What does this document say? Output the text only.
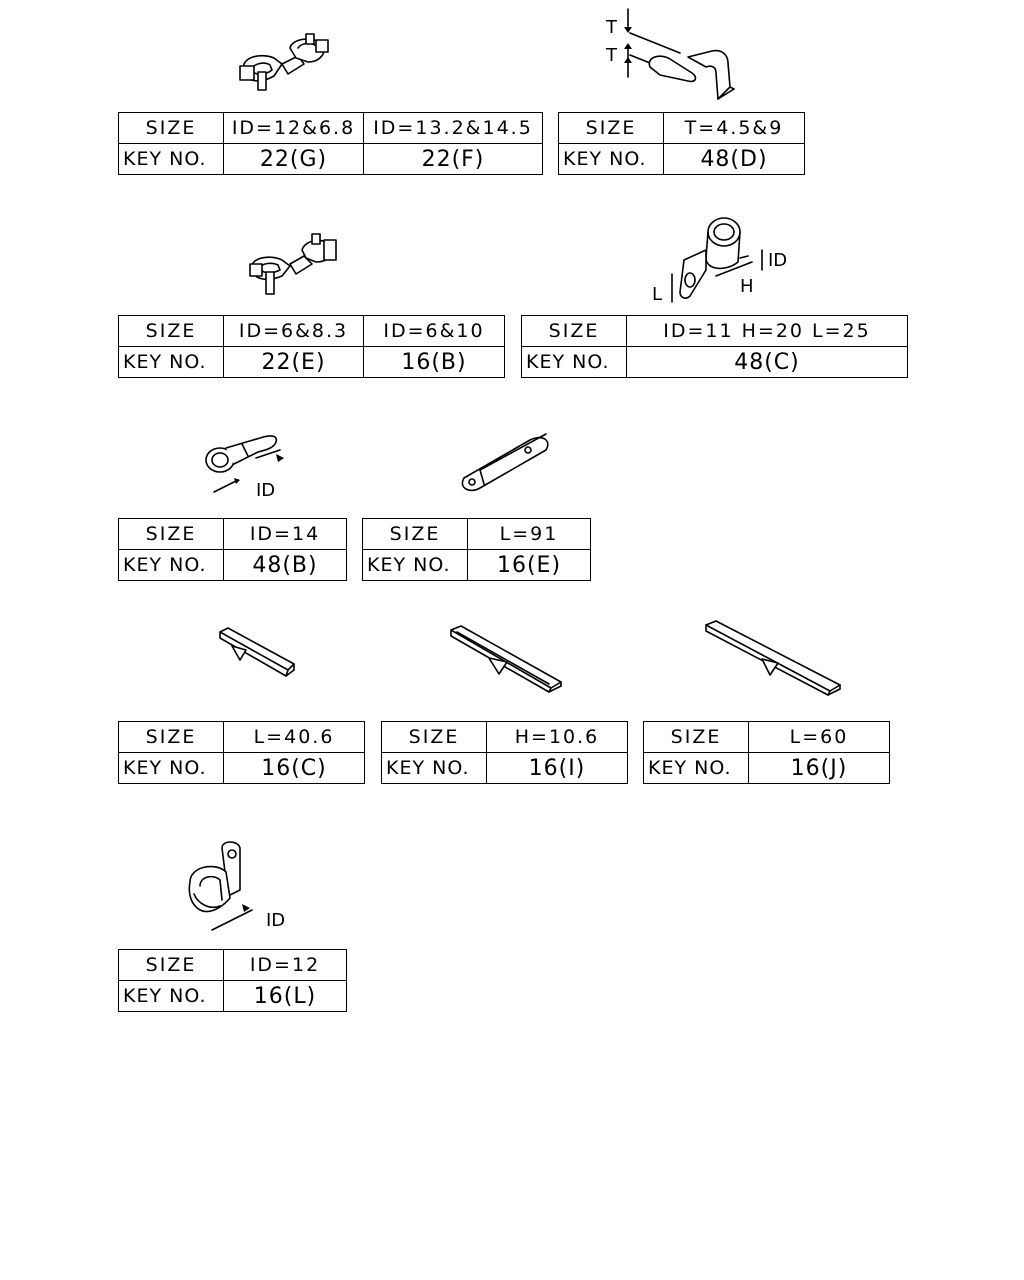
T
T
ID
H
L
ID
ID
SIZE	ID=12&6.8	ID=13.2&14.5
KEY NO.	22(G)	22(F)
SIZE	T=4.5&9
KEY NO.	48(D)
SIZE	ID=6&8.3	ID=6&10
KEY NO.	22(E)	16(B)
SIZE	ID=11 H=20 L=25
KEY NO.	48(C)
SIZE	ID=14
KEY NO.	48(B)
SIZE	L=91
KEY NO.	16(E)
SIZE	L=40.6
KEY NO.	16(C)
SIZE	H=10.6
KEY NO.	16(I)
SIZE	L=60
KEY NO.	16(J)
SIZE	ID=12
KEY NO.	16(L)
